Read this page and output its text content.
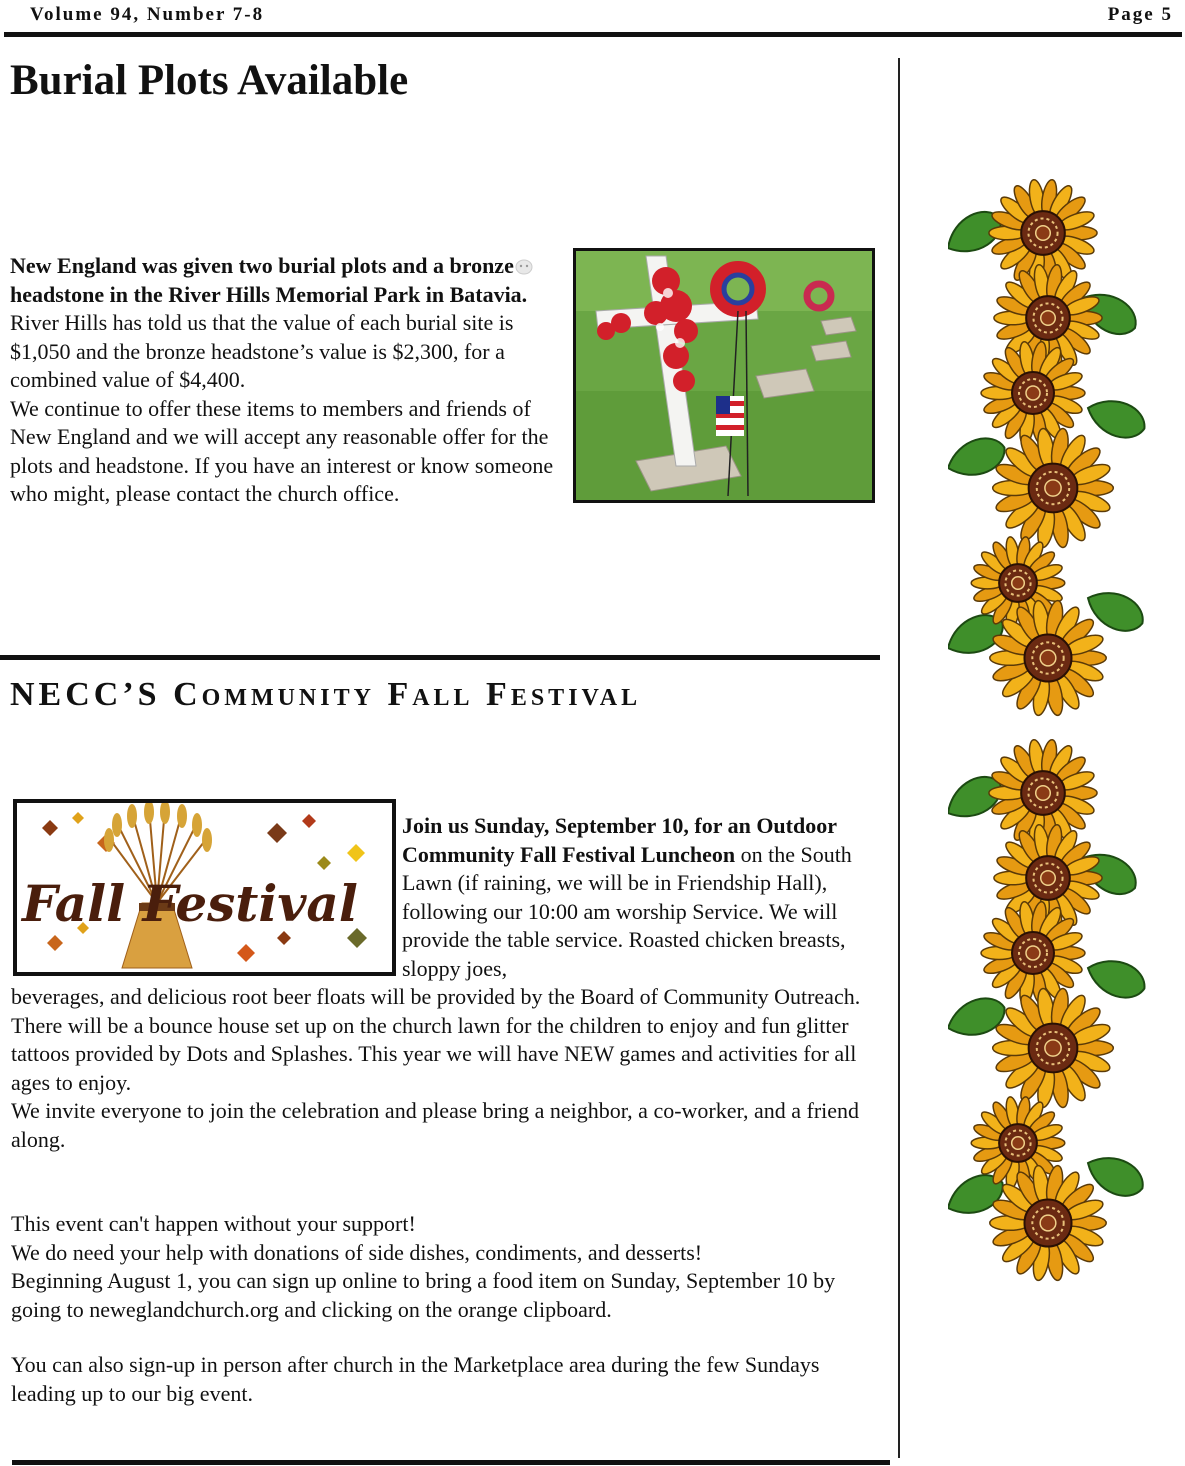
Volume 94, Number 7-8	Page 5
Burial Plots Available
New England was given two burial plots and a bronze headstone in the River Hills Memorial Park in Batavia.  River Hills has told us that the value of each burial site is $1,050 and the bronze headstone’s value is $2,300, for a combined value of $4,400.
We continue to offer these items to members and friends of New England and we will accept any reasonable offer for the plots and headstone. If you have an interest or know someone who might, please contact the church office.
NECC’S Community Fall Festival
Fall Festival
Join us Sunday, September 10, for an Outdoor Community Fall Festival Luncheon on the South Lawn (if raining, we will be in Friendship Hall), following our 10:00 am worship Service. We will provide the table service. Roasted chicken breasts, sloppy joes,
beverages, and delicious root beer floats will be provided by the Board of Community Outreach.
There will be a bounce house set up on the church lawn for the children to enjoy and fun glitter tattoos provided by Dots and Splashes. This year we will have NEW games and activities for all ages to enjoy.
We invite everyone to join the celebration and please bring a neighbor, a co-worker, and a friend along.
This event can't happen without your support!
We do need your help with donations of side dishes, condiments, and desserts!
Beginning August 1, you can sign up online to bring a food item on Sunday, September 10 by going to neweglandchurch.org and clicking on the orange clipboard.
You can also sign-up in person after church in the Marketplace area during the few Sundays leading up to our big event.
